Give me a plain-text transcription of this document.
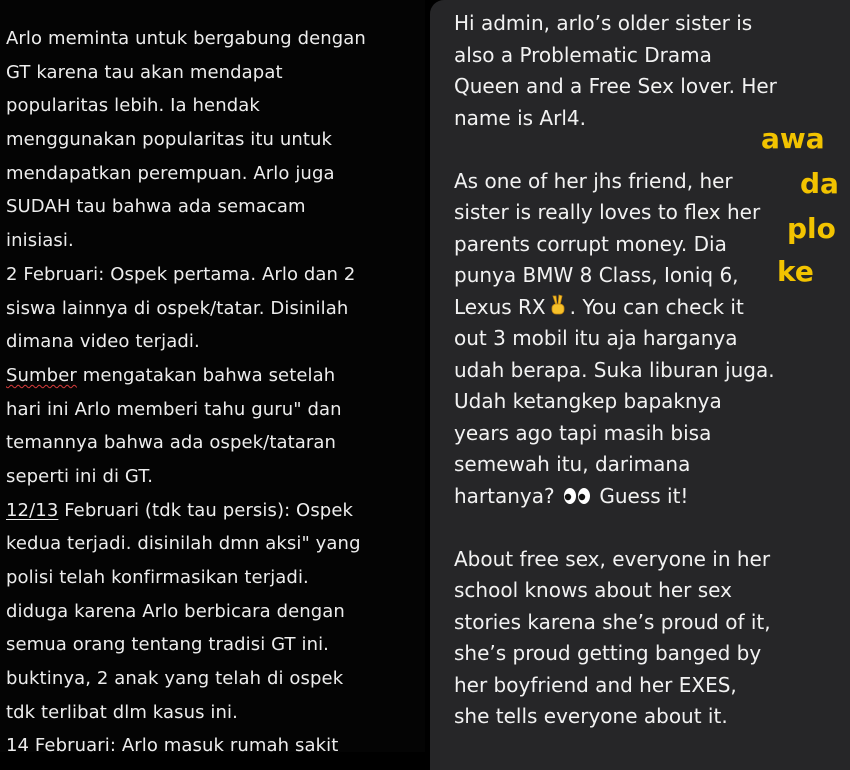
Arlo meminta untuk bergabung dengan
GT karena tau akan mendapat
popularitas lebih. Ia hendak
menggunakan popularitas itu untuk
mendapatkan perempuan. Arlo juga
SUDAH tau bahwa ada semacam
inisiasi.
2 Februari: Ospek pertama. Arlo dan 2
siswa lainnya di ospek/tatar. Disinilah
dimana video terjadi.
Sumber mengatakan bahwa setelah
hari ini Arlo memberi tahu guru" dan
temannya bahwa ada ospek/tataran
seperti ini di GT.
12/13 Februari (tdk tau persis): Ospek
kedua terjadi. disinilah dmn aksi" yang
polisi telah konfirmasikan terjadi.
diduga karena Arlo berbicara dengan
semua orang tentang tradisi GT ini.
buktinya, 2 anak yang telah di ospek
tdk terlibat dlm kasus ini.
14 Februari: Arlo masuk rumah sakit
Hi admin, arlo’s older sister is
also a Problematic Drama
Queen and a Free Sex lover. Her
name is Arl4.
As one of her jhs friend, her
sister is really loves to flex her
parents corrupt money. Dia
punya BMW 8 Class, Ioniq 6,
Lexus RX . You can check it
out 3 mobil itu aja harganya
udah berapa. Suka liburan juga.
Udah ketangkep bapaknya
years ago tapi masih bisa
semewah itu, darimana
hartanya? Guess it!
About free sex, everyone in her
school knows about her sex
stories karena she’s proud of it,
she’s proud getting banged by
her boyfriend and her EXES,
she tells everyone about it.
awa
da
plo
ke
